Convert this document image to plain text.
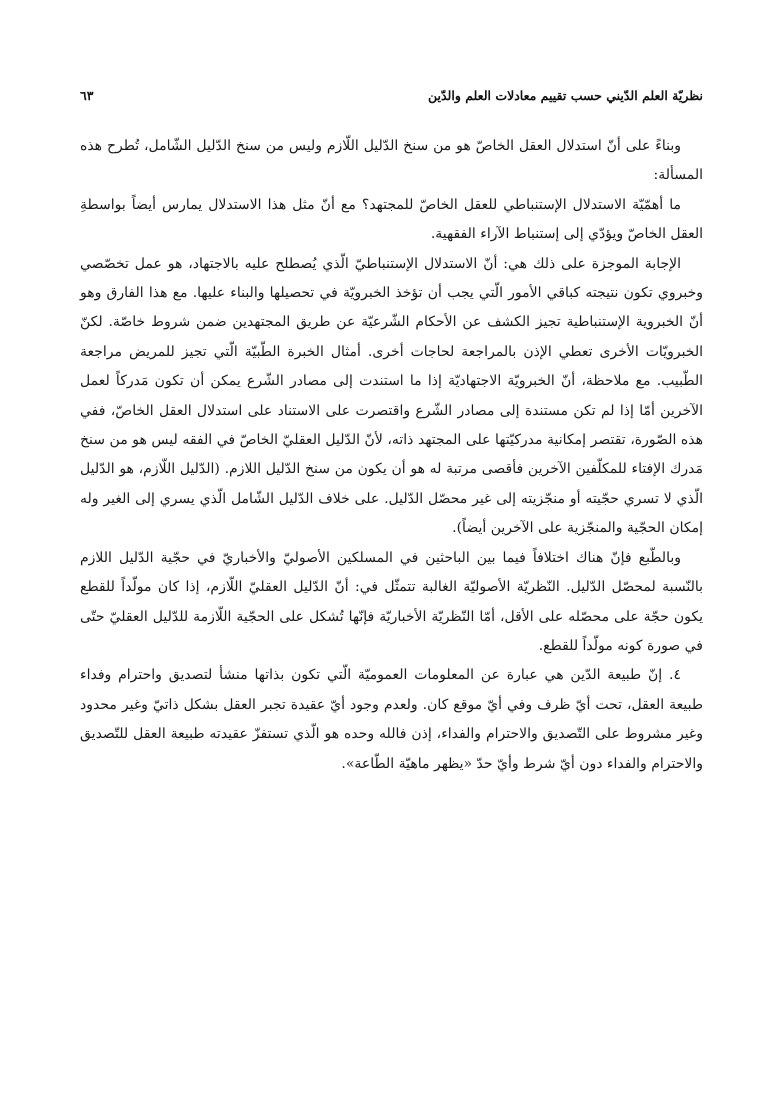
نظريّة العلم الدّيني حسب تقييم معادلات العلم والدّين
٦٣

وبناءً على أنّ استدلال العقل الخاصّ هو من سنخ الدّليل اللّازم وليس من سنخ الدّليل الشّامل، تُطرح هذه المسألة:

ما أهمّيّة الاستدلال الإستنباطي للعقل الخاصّ للمجتهد؟ مع أنّ مثل هذا الاستدلال يمارس أيضاً بواسطةِ العقل الخاصّ ويؤدّي إلى إستنباط الآراء الفقهية.

الإجابة الموجزة على ذلك هي: أنّ الاستدلال الإستنباطيّ الّذي يُصطلح عليه بالاجتهاد، هو عمل تخصّصي وخبروي تكون نتيجته كباقي الأمور الّتي يجب أن تؤخذ الخبرويّة في تحصيلها والبناء عليها. مع هذا الفارق وهو أنّ الخبروية الإستنباطية تجيز الكشف عن الأحكام الشّرعيّة عن طريق المجتهدين ضمن شروط خاصّة. لكنّ الخبرويّات الأخرى تعطي الإذن بالمراجعة لحاجات أخرى. أمثال الخبرة الطّبيّة الّتي تجيز للمريض مراجعة الطّبيب. مع ملاحظة، أنّ الخبرويّة الاجتهاديّة إذا ما استندت إلى مصادر الشّرع يمكن أن تكون مَدركاً لعمل الآخرين أمّا إذا لم تكن مستندة إلى مصادر الشّرع واقتصرت على الاستناد على استدلال العقل الخاصّ، ففي هذه الصّورة، تقتصر إمكانية مدركيّتها على المجتهد ذاته، لأنّ الدّليل العقليّ الخاصّ في الفقه ليس هو من سنخ مَدرك الإفتاء للمكلّفين الآخرين فأقصى مرتبة له هو أن يكون من سنخ الدّليل اللازم. (الدّليل اللّازم، هو الدّليل الّذي لا تسري حجّيته أو منجّزيته إلى غير محصّل الدّليل. على خلاف الدّليل الشّامل الّذي يسري إلى الغير وله إمكان الحجّية والمنجّزية على الآخرين أيضاً).

وبالطّبع فإنّ هناك اختلافاً فيما بين الباحثين في المسلكين الأصوليّ والأخباريّ في حجّية الدّليل اللازم بالنّسبة لمحصّل الدّليل. النّظريّة الأصوليّة الغالبة تتمثّل في: أنّ الدّليل العقليّ اللّازم، إذا كان مولّداً للقطع يكون حجّة على محصّله على الأقل، أمّا النّظريّة الأخباريّة فإنّها تُشكل على الحجّية اللّازمة للدّليل العقليّ حتّى في صورة كونه مولّداً للقطع.

٤. إنّ طبيعة الدّين هي عبارة عن المعلومات العموميّة الّتي تكون بذاتها منشأ لتصديق واحترام وفداء طبيعة العقل، تحت أيّ ظرف وفي أيّ موقع كان. ولعدم وجود أيّ عقيدة تجبر العقل بشكل ذاتيّ وغير محدود وغير مشروط على التّصديق والاحترام والفداء، إذن فالله وحده هو الّذي تستفزّ عقيدته طبيعة العقل للتّصديق والاحترام والفداء دون أيّ شرط وأيّ حدّ «يظهر ماهيّة الطّاعة».
